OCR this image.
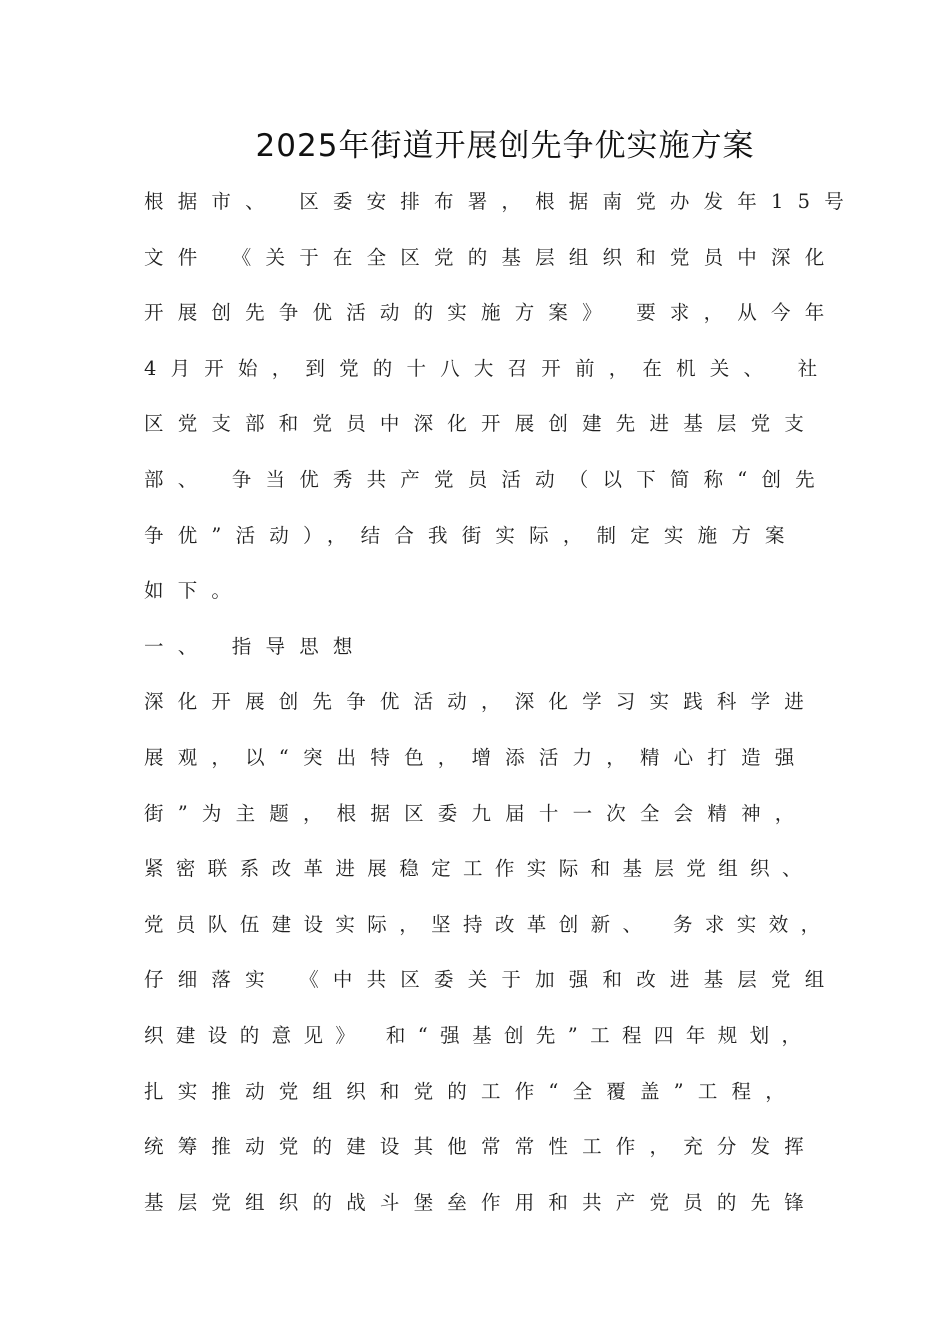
2025年街道开展创先争优实施方案
根据市、 区委安排布署，根据南党办发年15号
文件 《关于在全区党的基层组织和党员中深化
开展创先争优活动的实施方案》 要求，从今年
4月开始，到党的十八大召开前，在机关、 社
区党支部和党员中深化开展创建先进基层党支
部、 争当优秀共产党员活动（以下简称“创先
争优”活动），结合我街实际，制定实施方案
如下。
一、 指导思想
深化开展创先争优活动，深化学习实践科学进
展观，以“突出特色，增添活力，精心打造强
街”为主题，根据区委九届十一次全会精神，
紧密联系改革进展稳定工作实际和基层党组织、
党员队伍建设实际，坚持改革创新、 务求实效，
仔细落实 《中共区委关于加强和改进基层党组
织建设的意见》 和“强基创先”工程四年规划，
扎实推动党组织和党的工作“全覆盖”工程，
统筹推动党的建设其他常常性工作，充分发挥
基层党组织的战斗堡垒作用和共产党员的先锋
